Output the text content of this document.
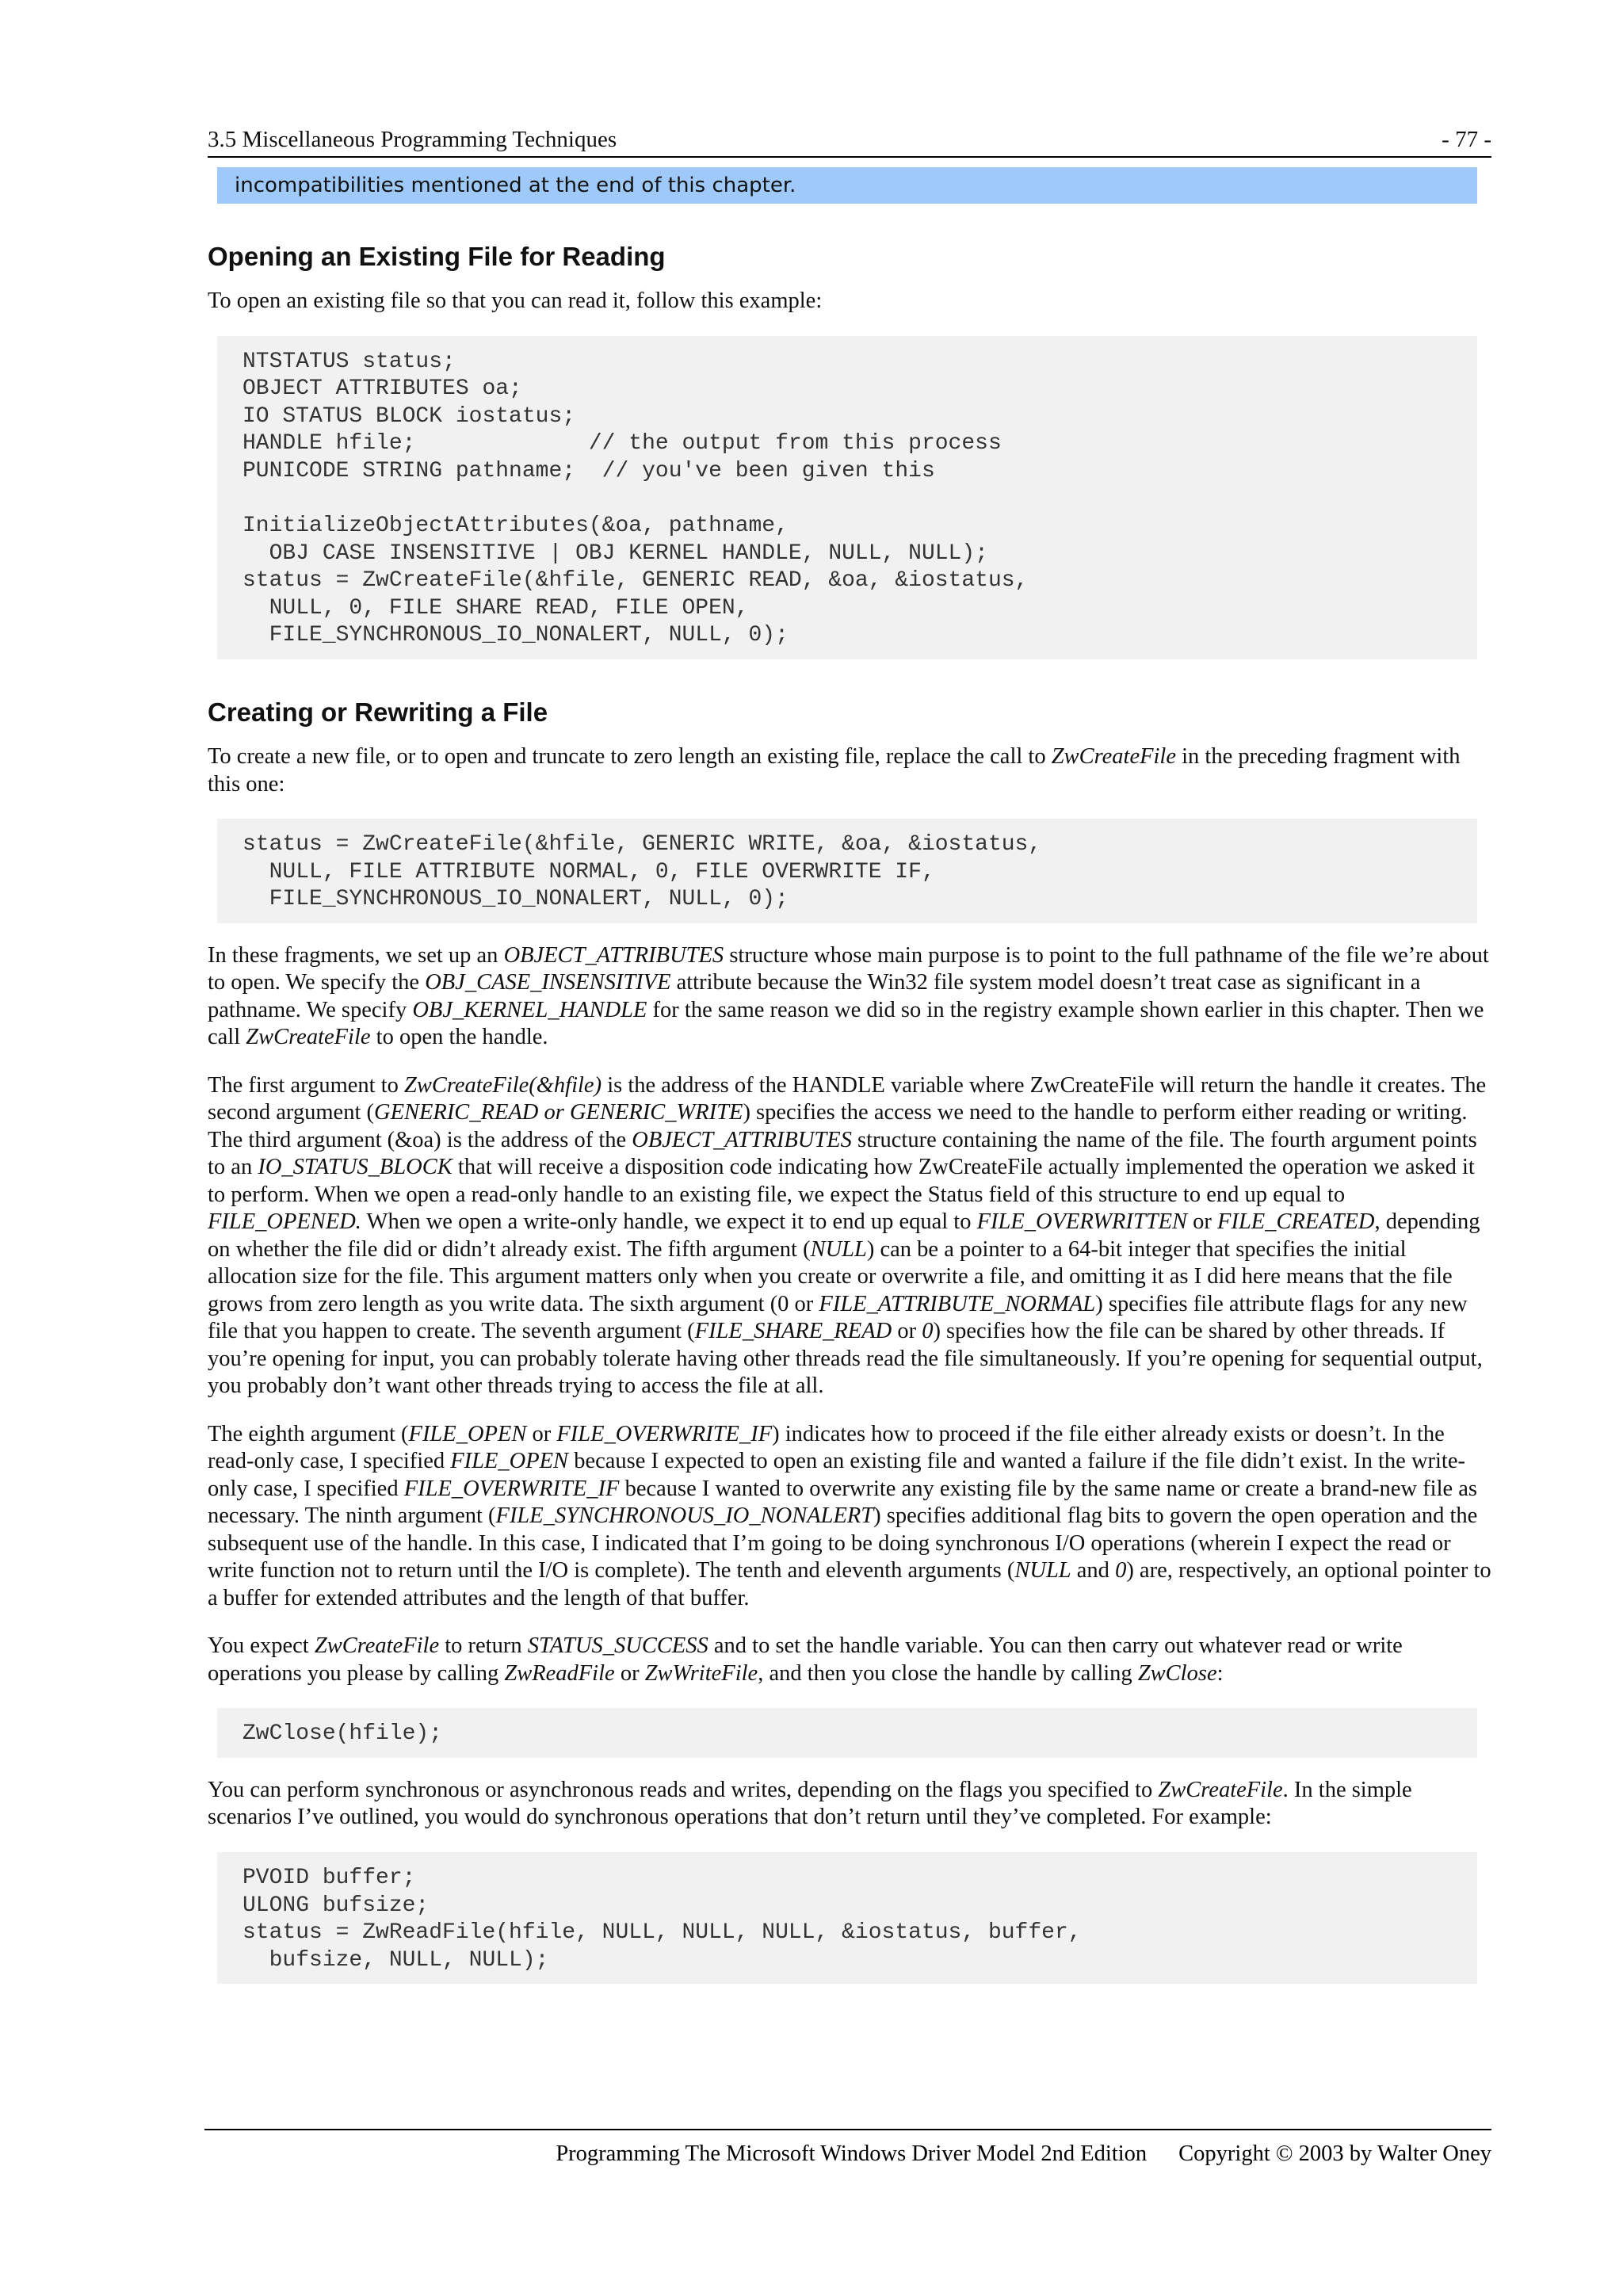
3.5 Miscellaneous Programming Techniques	- 77 -
incompatibilities mentioned at the end of this chapter.
Opening an Existing File for Reading

To open an existing file so that you can read it, follow this example:

NTSTATUS status;
OBJECT ATTRIBUTES oa;
IO STATUS BLOCK iostatus;
HANDLE hfile;             // the output from this process
PUNICODE STRING pathname;  // you've been given this

InitializeObjectAttributes(&oa, pathname,
OBJ CASE INSENSITIVE | OBJ KERNEL HANDLE, NULL, NULL);
status = ZwCreateFile(&hfile, GENERIC READ, &oa, &iostatus,
NULL, 0, FILE SHARE READ, FILE OPEN,
FILE_SYNCHRONOUS_IO_NONALERT, NULL, 0);
Creating or Rewriting a File

To create a new file, or to open and truncate to zero length an existing file, replace the call to ZwCreateFile in the preceding fragment with this one:

status = ZwCreateFile(&hfile, GENERIC WRITE, &oa, &iostatus,
NULL, FILE ATTRIBUTE NORMAL, 0, FILE OVERWRITE IF,
FILE_SYNCHRONOUS_IO_NONALERT, NULL, 0);

In these fragments, we set up an OBJECT_ATTRIBUTES structure whose main purpose is to point to the full pathname of the file we’re about to open. We specify the OBJ_CASE_INSENSITIVE attribute because the Win32 file system model doesn’t treat case as significant in a pathname. We specify OBJ_KERNEL_HANDLE for the same reason we did so in the registry example shown earlier in this chapter. Then we call ZwCreateFile to open the handle.

The first argument to ZwCreateFile(&hfile) is the address of the HANDLE variable where ZwCreateFile will return the handle it creates. The second argument (GENERIC_READ or GENERIC_WRITE) specifies the access we need to the handle to perform either reading or writing. The third argument (&oa) is the address of the OBJECT_ATTRIBUTES structure containing the name of the file. The fourth argument points to an IO_STATUS_BLOCK that will receive a disposition code indicating how ZwCreateFile actually implemented the operation we asked it to perform. When we open a read-only handle to an existing file, we expect the Status field of this structure to end up equal to FILE_OPENED. When we open a write-only handle, we expect it to end up equal to FILE_OVERWRITTEN or FILE_CREATED, depending on whether the file did or didn’t already exist. The fifth argument (NULL) can be a pointer to a 64-bit integer that specifies the initial allocation size for the file. This argument matters only when you create or overwrite a file, and omitting it as I did here means that the file grows from zero length as you write data. The sixth argument (0 or FILE_ATTRIBUTE_NORMAL) specifies file attribute flags for any new file that you happen to create. The seventh argument (FILE_SHARE_READ or 0) specifies how the file can be shared by other threads. If you’re opening for input, you can probably tolerate having other threads read the file simultaneously. If you’re opening for sequential output, you probably don’t want other threads trying to access the file at all.

The eighth argument (FILE_OPEN or FILE_OVERWRITE_IF) indicates how to proceed if the file either already exists or doesn’t. In the read-only case, I specified FILE_OPEN because I expected to open an existing file and wanted a failure if the file didn’t exist. In the write-only case, I specified FILE_OVERWRITE_IF because I wanted to overwrite any existing file by the same name or create a brand-new file as necessary. The ninth argument (FILE_SYNCHRONOUS_IO_NONALERT) specifies additional flag bits to govern the open operation and the subsequent use of the handle. In this case, I indicated that I’m going to be doing synchronous I/O operations (wherein I expect the read or write function not to return until the I/O is complete). The tenth and eleventh arguments (NULL and 0) are, respectively, an optional pointer to a buffer for extended attributes and the length of that buffer.

You expect ZwCreateFile to return STATUS_SUCCESS and to set the handle variable. You can then carry out whatever read or write operations you please by calling ZwReadFile or ZwWriteFile, and then you close the handle by calling ZwClose:

ZwClose(hfile);

You can perform synchronous or asynchronous reads and writes, depending on the flags you specified to ZwCreateFile. In the simple scenarios I’ve outlined, you would do synchronous operations that don’t return until they’ve completed. For example:

PVOID buffer;
ULONG bufsize;
status = ZwReadFile(hfile, NULL, NULL, NULL, &iostatus, buffer,
bufsize, NULL, NULL);
Programming The Microsoft Windows Driver Model 2nd Edition Copyright © 2003 by Walter Oney
